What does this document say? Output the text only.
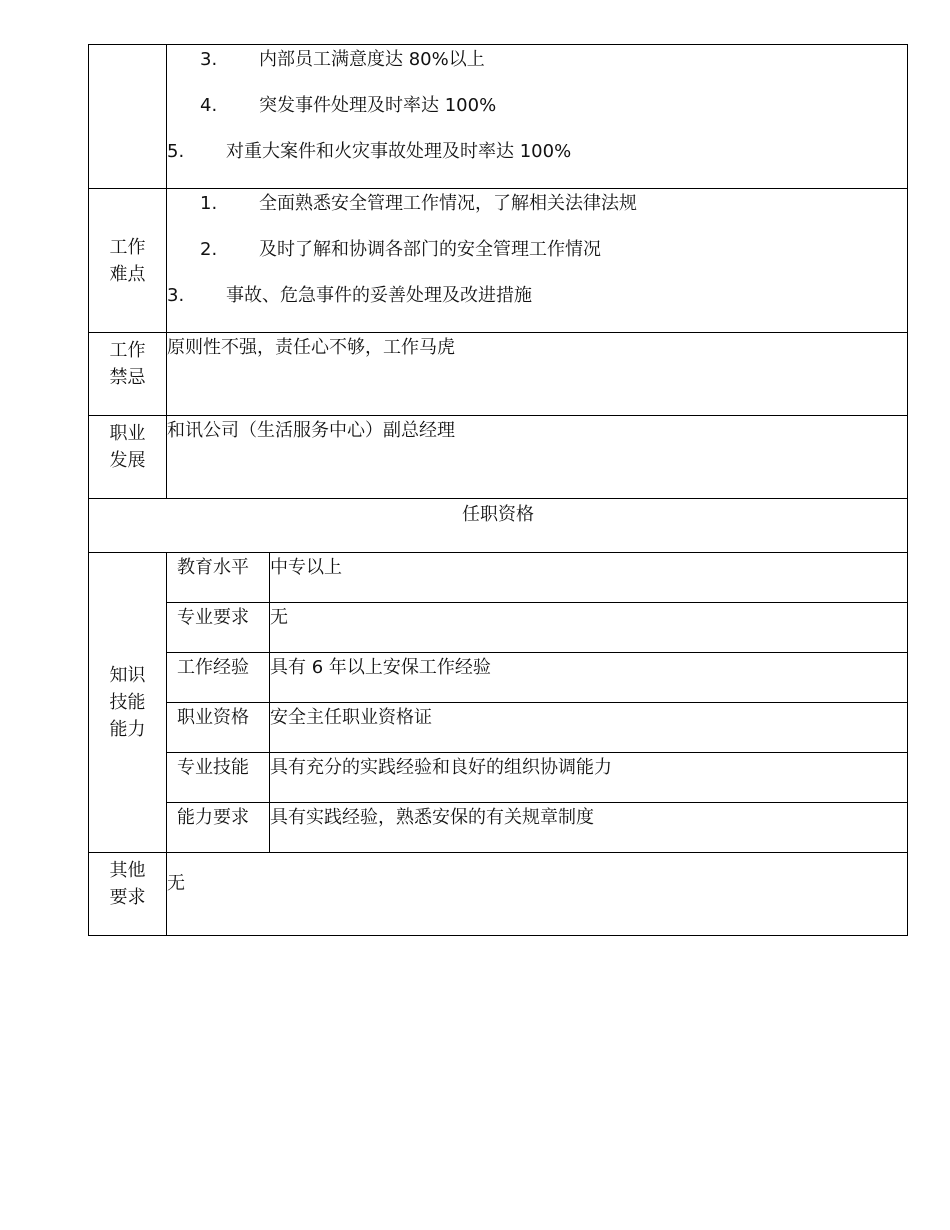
	3. 内部员工满意度达 80%以上
4. 突发事件处理及时率达 100%
5. 对重大案件和火灾事故处理及时率达 100%	

工作难点	1. 全面熟悉安全管理工作情况，了解相关法律法规
2. 及时了解和协调各部门的安全管理工作情况
3. 事故、危急事件的妥善处理及改进措施	

工作禁忌	原则性不强，责任心不够，工作马虎	

职业发展	和讯公司（生活服务中心）副总经理	
任职资格		

知识技能能力	教育水平	中专以上
	专业要求	无
	工作经验	具有 6 年以上安保工作经验
	职业资格	安全主任职业资格证
	专业技能	具有充分的实践经验和良好的组织协调能力
	能力要求	具有实践经验，熟悉安保的有关规章制度

其他要求	无	
